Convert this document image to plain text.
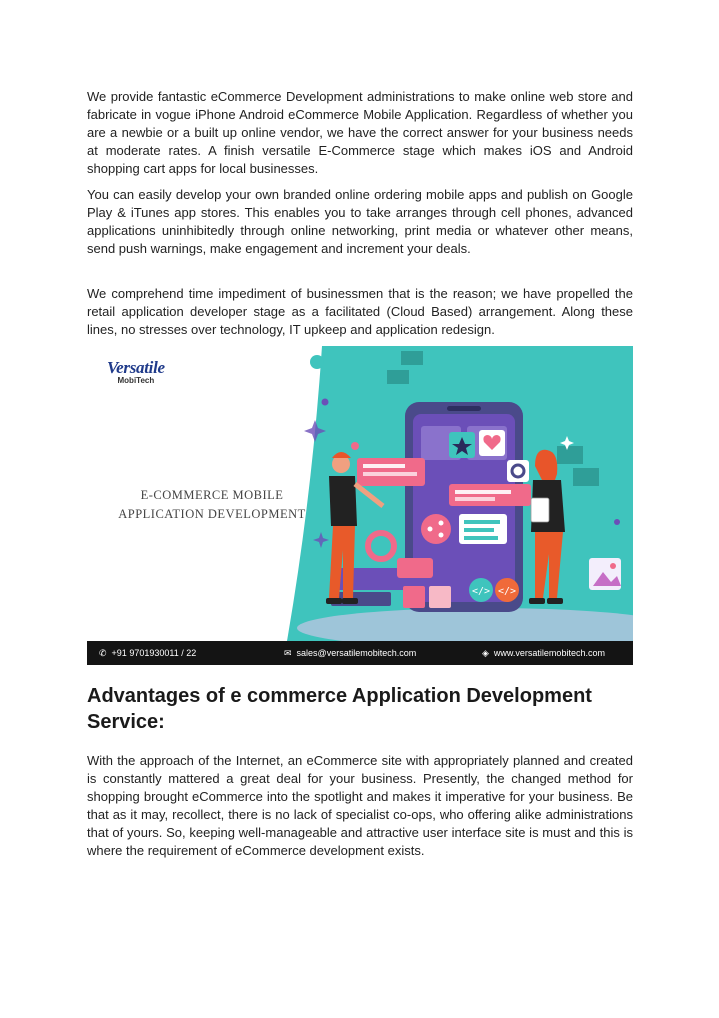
We provide fantastic eCommerce Development administrations to make online web store and fabricate in vogue iPhone Android eCommerce Mobile Application. Regardless of whether you are a newbie or a built up online vendor, we have the correct answer for your business needs at moderate rates. A finish versatile E-Commerce stage which makes iOS and Android shopping cart apps for local businesses.

You can easily develop your own branded online ordering mobile apps and publish on Google Play & iTunes app stores. This enables you to take arranges through cell phones, advanced applications uninhibitedly through online networking, print media or whatever other means, send push warnings, make engagement and increment your deals.

We comprehend time impediment of businessmen that is the reason; we have propelled the retail application developer stage as a facilitated (Cloud Based) arrangement. Along these lines, no stresses over technology, IT upkeep and application redesign.

</> </>
Versatile
MobiTech

E-COMMERCE MOBILE
APPLICATION DEVELOPMENT

✆ +91 9701930011 / 22	✉ sales@versatilemobitech.com	◈ www.versatilemobitech.com
Advantages of e commerce Application Development Service:

With the approach of the Internet, an eCommerce site with appropriately planned and created is constantly mattered a great deal for your business. Presently, the changed method for shopping brought eCommerce into the spotlight and makes it imperative for your business. Be that as it may, recollect, there is no lack of specialist co-ops, who offering alike administrations that of yours. So, keeping well-manageable and attractive user interface site is must and this is where the requirement of eCommerce development exists.
